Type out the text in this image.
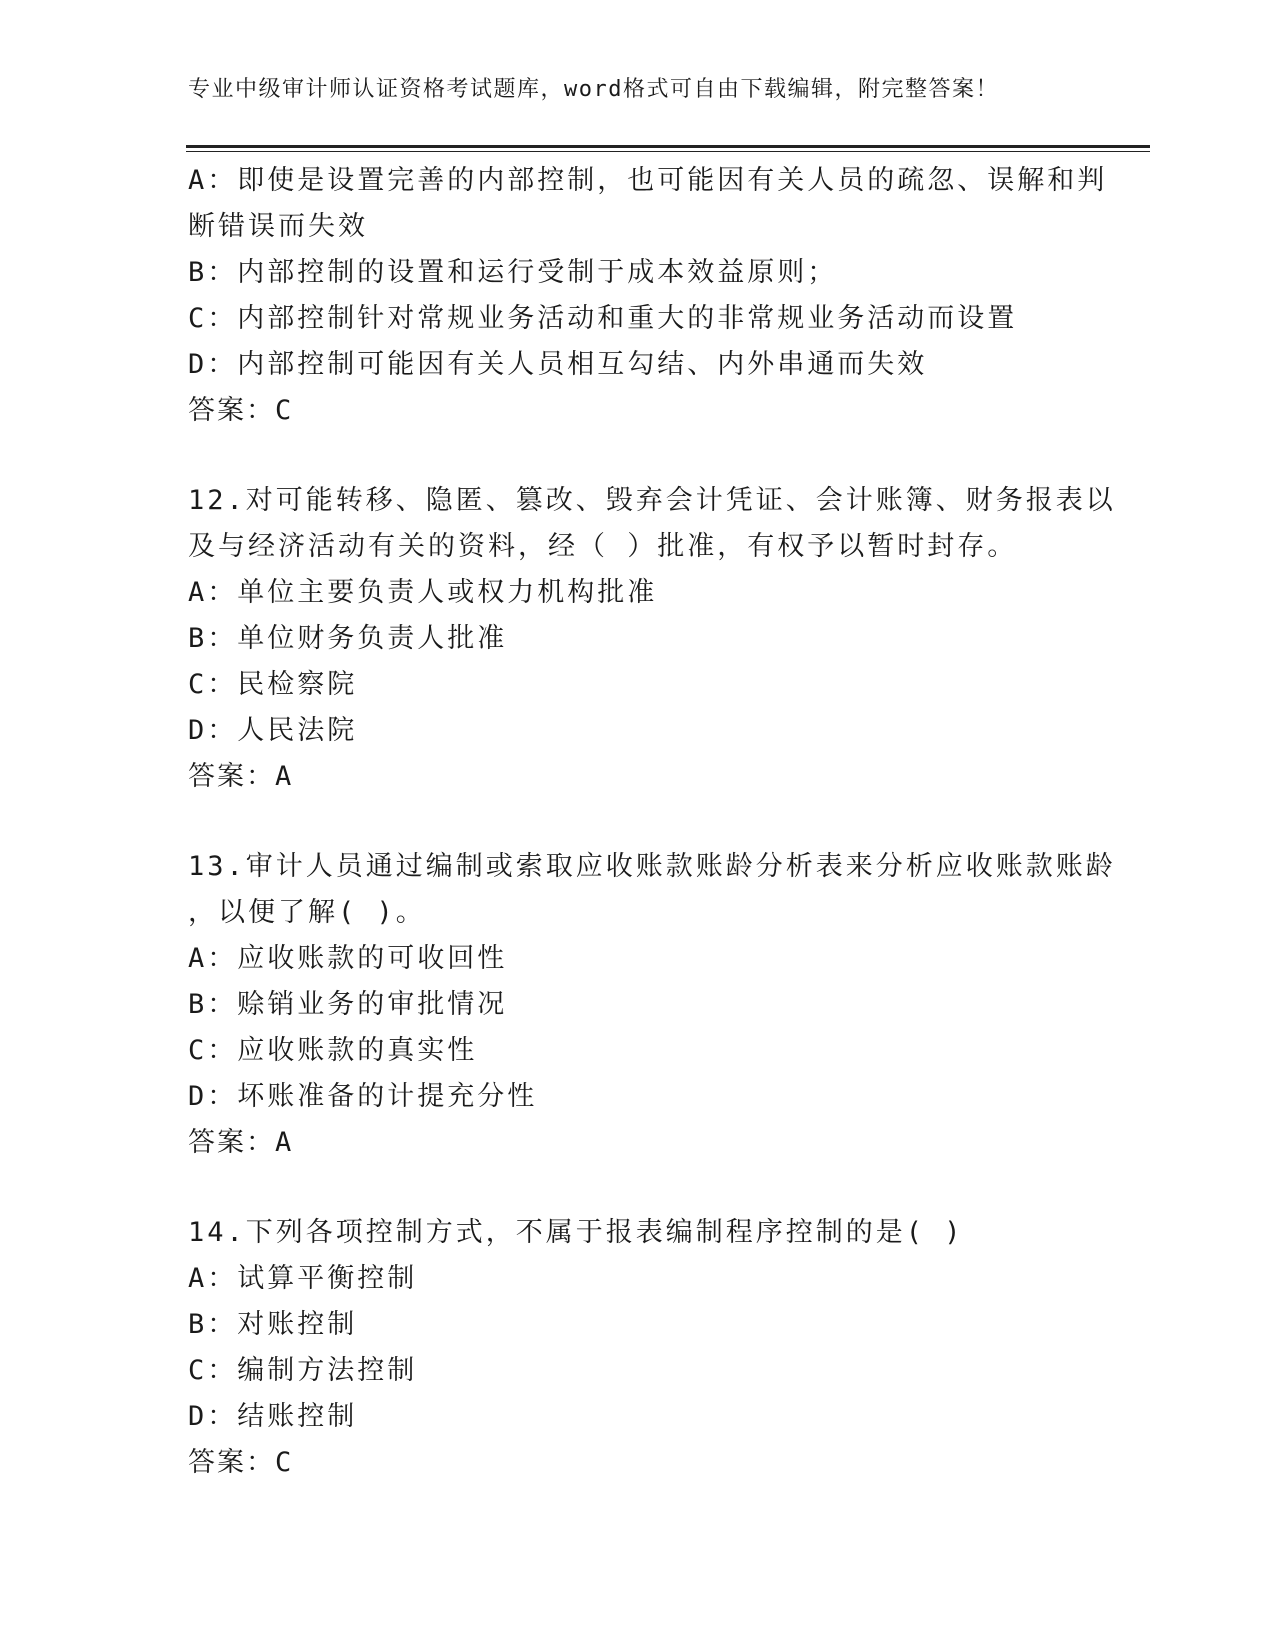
专业中级审计师认证资格考试题库，word格式可自由下载编辑，附完整答案！
A：即使是设置完善的内部控制，也可能因有关人员的疏忽、误解和判
断错误而失效
B：内部控制的设置和运行受制于成本效益原则；
C：内部控制针对常规业务活动和重大的非常规业务活动而设置
D：内部控制可能因有关人员相互勾结、内外串通而失效
答案：C
12.对可能转移、隐匿、篡改、毁弃会计凭证、会计账簿、财务报表以
及与经济活动有关的资料，经（ ）批准，有权予以暂时封存。
A：单位主要负责人或权力机构批准
B：单位财务负责人批准
C：民检察院
D：人民法院
答案：A
13.审计人员通过编制或索取应收账款账龄分析表来分析应收账款账龄
，以便了解( )。
A：应收账款的可收回性
B：赊销业务的审批情况
C：应收账款的真实性
D：坏账准备的计提充分性
答案：A
14.下列各项控制方式，不属于报表编制程序控制的是( )
A：试算平衡控制
B：对账控制
C：编制方法控制
D：结账控制
答案：C
